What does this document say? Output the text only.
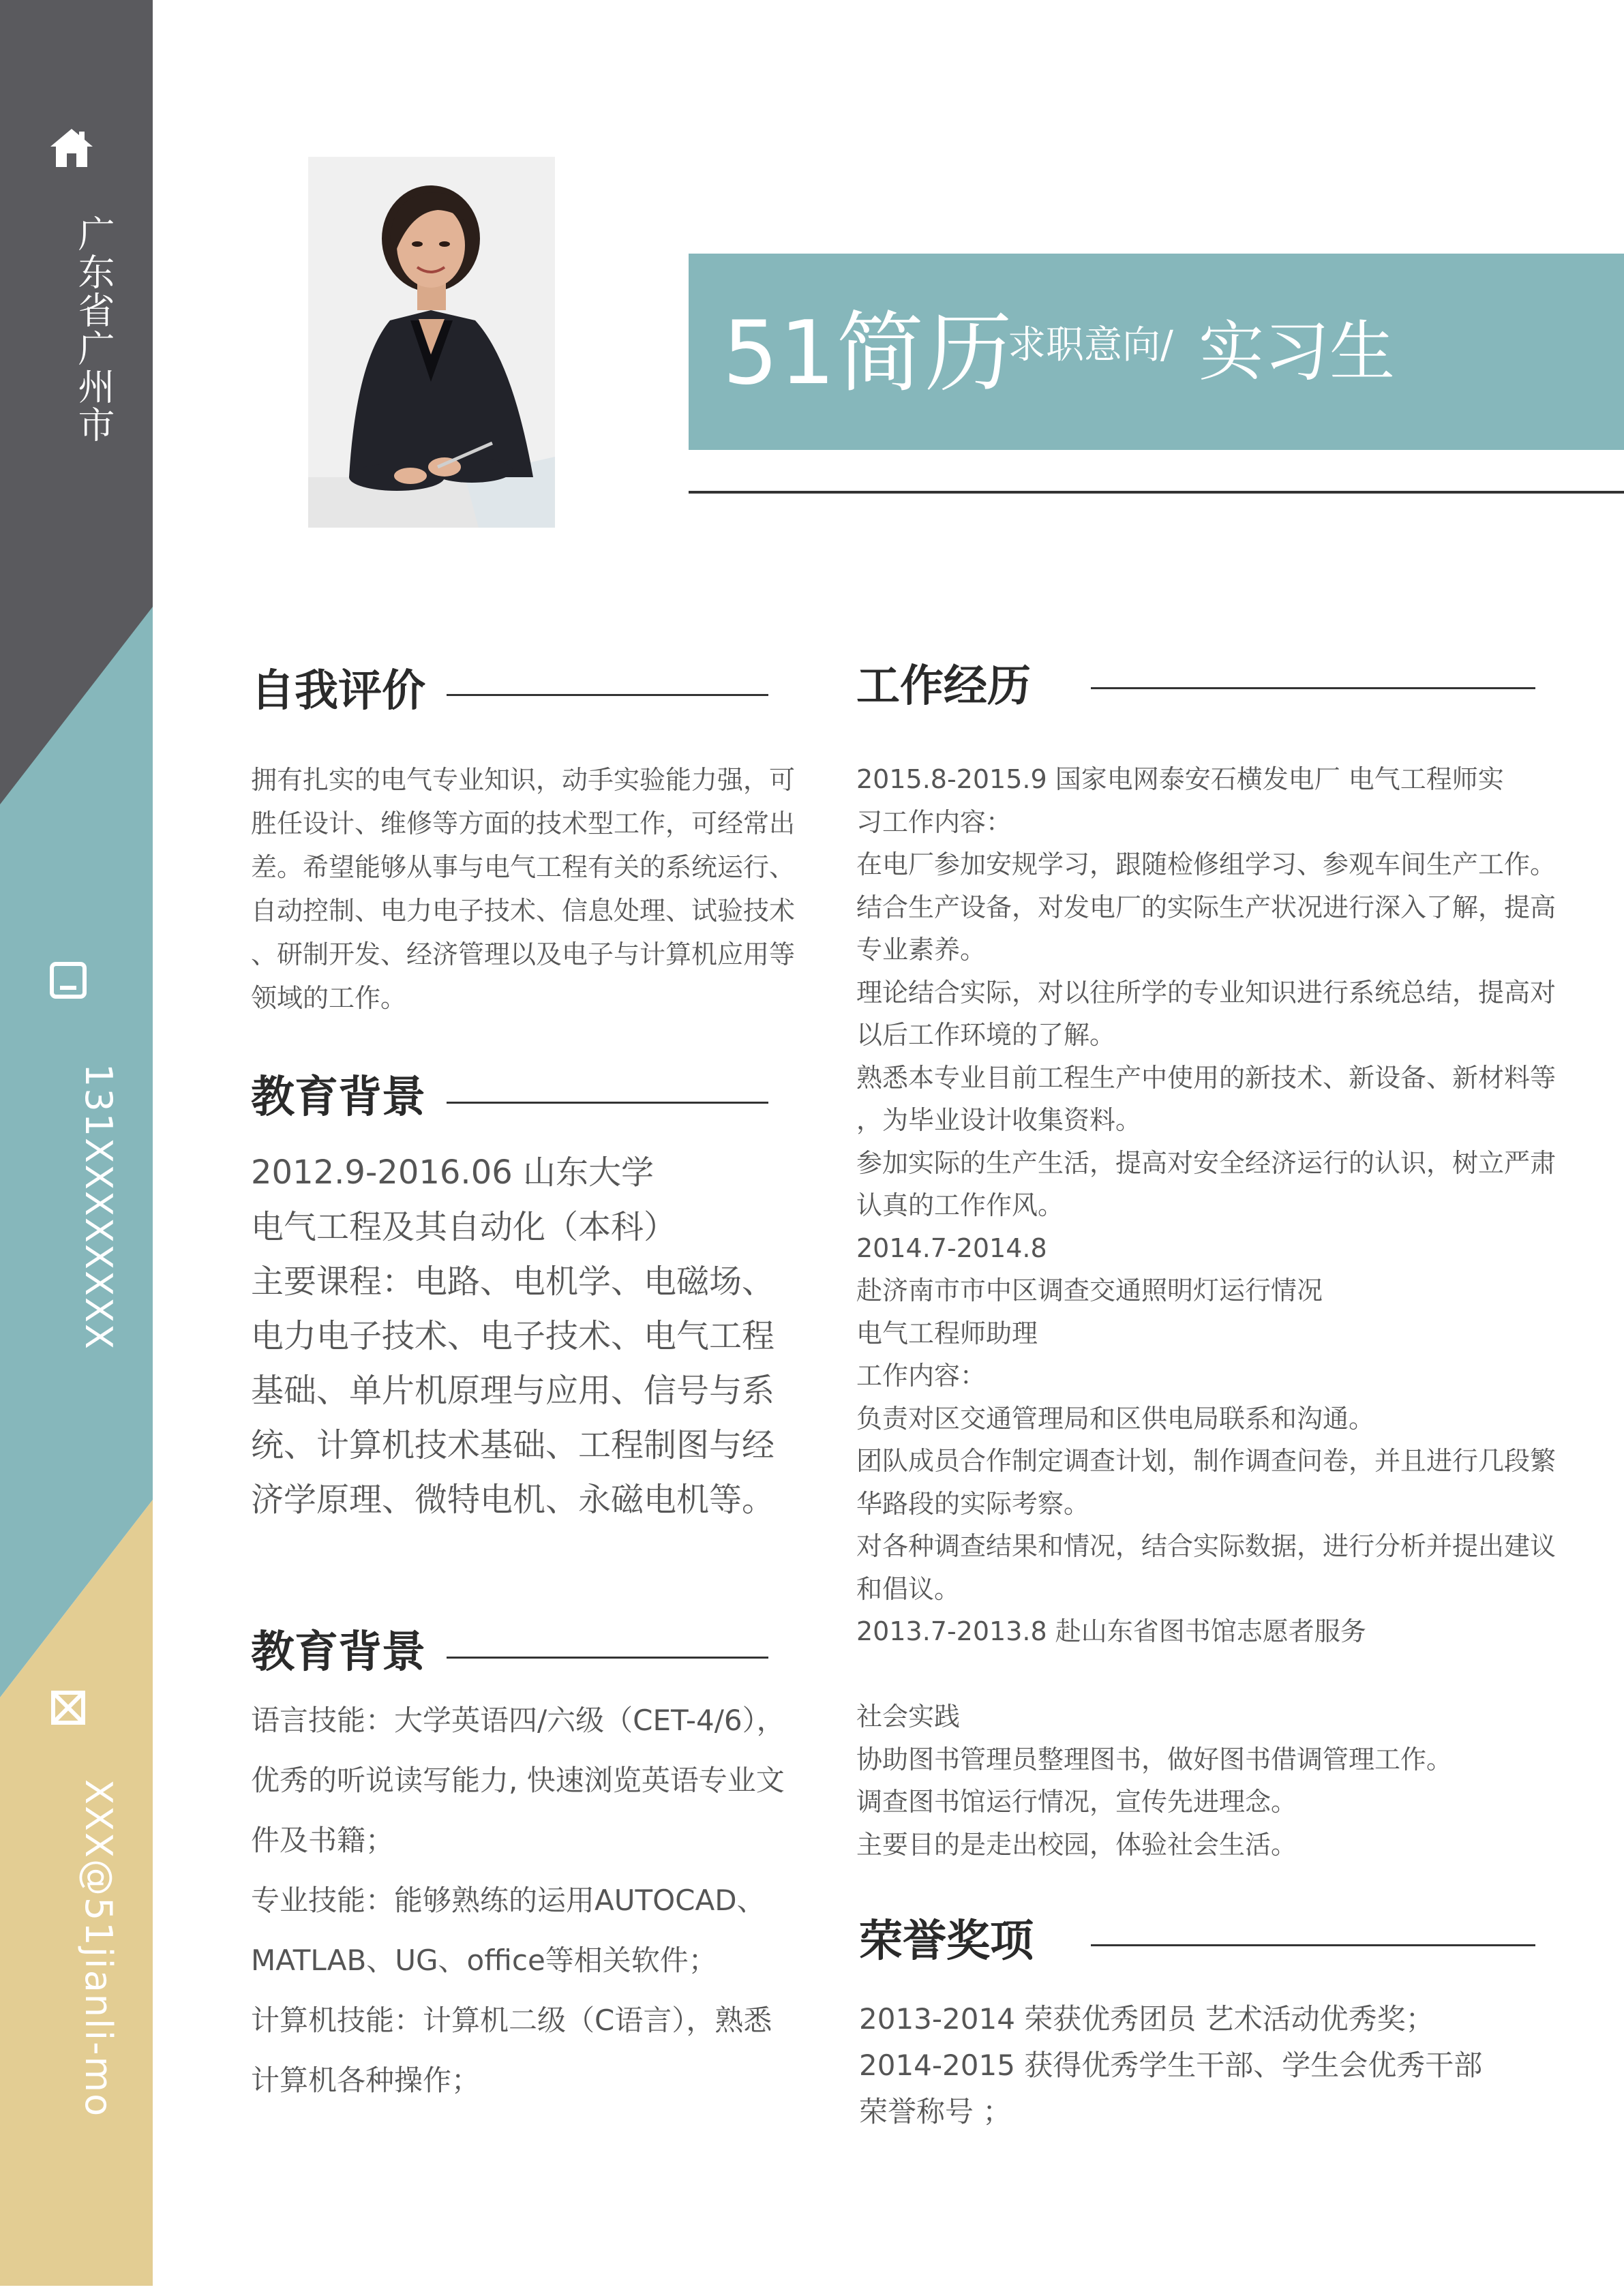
广东省广州市
131XXXXXXXX
XXX@51jianli-mo
51简历
求职意向/ 实习生
自我评价
拥有扎实的电气专业知识，动手实验能力强，可
胜任设计、维修等方面的技术型工作，可经常出
差。希望能够从事与电气工程有关的系统运行、
自动控制、电力电子技术、信息处理、试验技术
、研制开发、经济管理以及电子与计算机应用等
领域的工作。
教育背景
2012.9-2016.06 山东大学
电气工程及其自动化（本科）
主要课程：电路、电机学、电磁场、
电力电子技术、电子技术、电气工程
基础、单片机原理与应用、信号与系
统、计算机技术基础、工程制图与经
济学原理、微特电机、永磁电机等。
教育背景
语言技能：大学英语四/六级（CET-4/6），
优秀的听说读写能力, 快速浏览英语专业文
件及书籍；
专业技能：能够熟练的运用AUTOCAD、
MATLAB、UG、office等相关软件；
计算机技能：计算机二级（C语言），熟悉
计算机各种操作；
工作经历
2015.8-2015.9 国家电网泰安石横发电厂 电气工程师实
习工作内容：
在电厂参加安规学习，跟随检修组学习、参观车间生产工作。
结合生产设备，对发电厂的实际生产状况进行深入了解，提高
专业素养。
理论结合实际，对以往所学的专业知识进行系统总结，提高对
以后工作环境的了解。
熟悉本专业目前工程生产中使用的新技术、新设备、新材料等
，为毕业设计收集资料。
参加实际的生产生活，提高对安全经济运行的认识，树立严肃
认真的工作作风。
2014.7-2014.8
赴济南市市中区调查交通照明灯运行情况
电气工程师助理
工作内容：
负责对区交通管理局和区供电局联系和沟通。
团队成员合作制定调查计划，制作调查问卷，并且进行几段繁
华路段的实际考察。
对各种调查结果和情况，结合实际数据，进行分析并提出建议
和倡议。
2013.7-2013.8 赴山东省图书馆志愿者服务
社会实践
协助图书管理员整理图书，做好图书借调管理工作。
调查图书馆运行情况，宣传先进理念。
主要目的是走出校园，体验社会生活。
荣誉奖项
2013-2014 荣获优秀团员 艺术活动优秀奖；
2014-2015 获得优秀学生干部、学生会优秀干部
荣誉称号 ；
